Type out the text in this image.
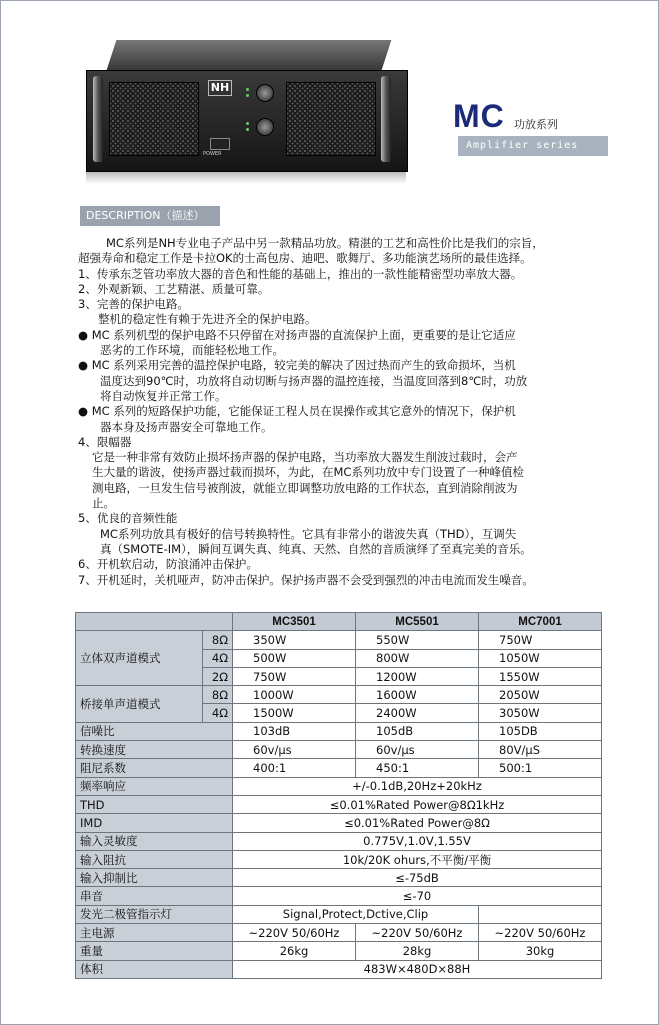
NH
POWER
MC 功放系列
Amplifier series
DESCRIPTION（描述）
MC系列是NH专业电子产品中另一款精品功放。精湛的工艺和高性价比是我们的宗旨，
超强寿命和稳定工作是卡拉OK的士高包房、迪吧、歌舞厅、多功能演艺场所的最佳选择。
1、传承东芝管功率放大器的音色和性能的基础上，推出的一款性能精密型功率放大器。
2、外观新颖、工艺精湛、质量可靠。
3、完善的保护电路。
整机的稳定性有赖于先进齐全的保护电路。
● MC 系列机型的保护电路不只停留在对扬声器的直流保护上面，更重要的是让它适应
恶劣的工作环境，而能轻松地工作。
● MC 系列采用完善的温控保护电路，较完美的解决了因过热而产生的致命损坏，当机
温度达到90℃时，功放将自动切断与扬声器的温控连接，当温度回落到8℃时，功放
将自动恢复并正常工作。
● MC 系列的短路保护功能，它能保证工程人员在误操作或其它意外的情况下，保护机
器本身及扬声器安全可靠地工作。
4、限幅器
它是一种非常有效防止损坏扬声器的保护电路，当功率放大器发生削波过载时，会产
生大量的谐波，使扬声器过载而损坏，为此，在MC系列功放中专门设置了一种峰值检
测电路，一旦发生信号被削波，就能立即调整功放电路的工作状态，直到消除削波为
止。
5、优良的音频性能
MC系列功放具有极好的信号转换特性。它具有非常小的谐波失真（THD），互调失
真（SMOTE-IM），瞬间互调失真、纯真、天然、自然的音质演绎了至真完美的音乐。
6、开机软启动，防浪涌冲击保护。
7、开机延时，关机哑声，防冲击保护。保护扬声器不会受到强烈的冲击电流而发生噪音。
		MC3501	MC5501	MC7001
立体双声道模式	8Ω	350W	550W	750W
	4Ω	500W	800W	1050W
	2Ω	750W	1200W	1550W
桥接单声道模式	8Ω	1000W	1600W	2050W
	4Ω	1500W	2400W	3050W
信噪比		103dB	105dB	105DB
转换速度		60v/μs	60v/μs	80V/μS
阻尼系数		400:1	450:1	500:1
频率响应		+/-0.1dB,20Hz+20kHz		
THD		≤0.01%Rated Power@8Ω1kHz		
IMD		≤0.01%Rated Power@8Ω		
输入灵敏度		0.775V,1.0V,1.55V		
输入阻抗		10k/20K ohurs,不平衡/平衡		
输入抑制比		≤-75dB		
串音		≤-70		
发光二极管指示灯		Signal,Protect,Dctive,Clip		
主电源		~220V 50/60Hz	~220V 50/60Hz	~220V 50/60Hz
重量		26kg	28kg	30kg
体积		483W×480D×88H		
